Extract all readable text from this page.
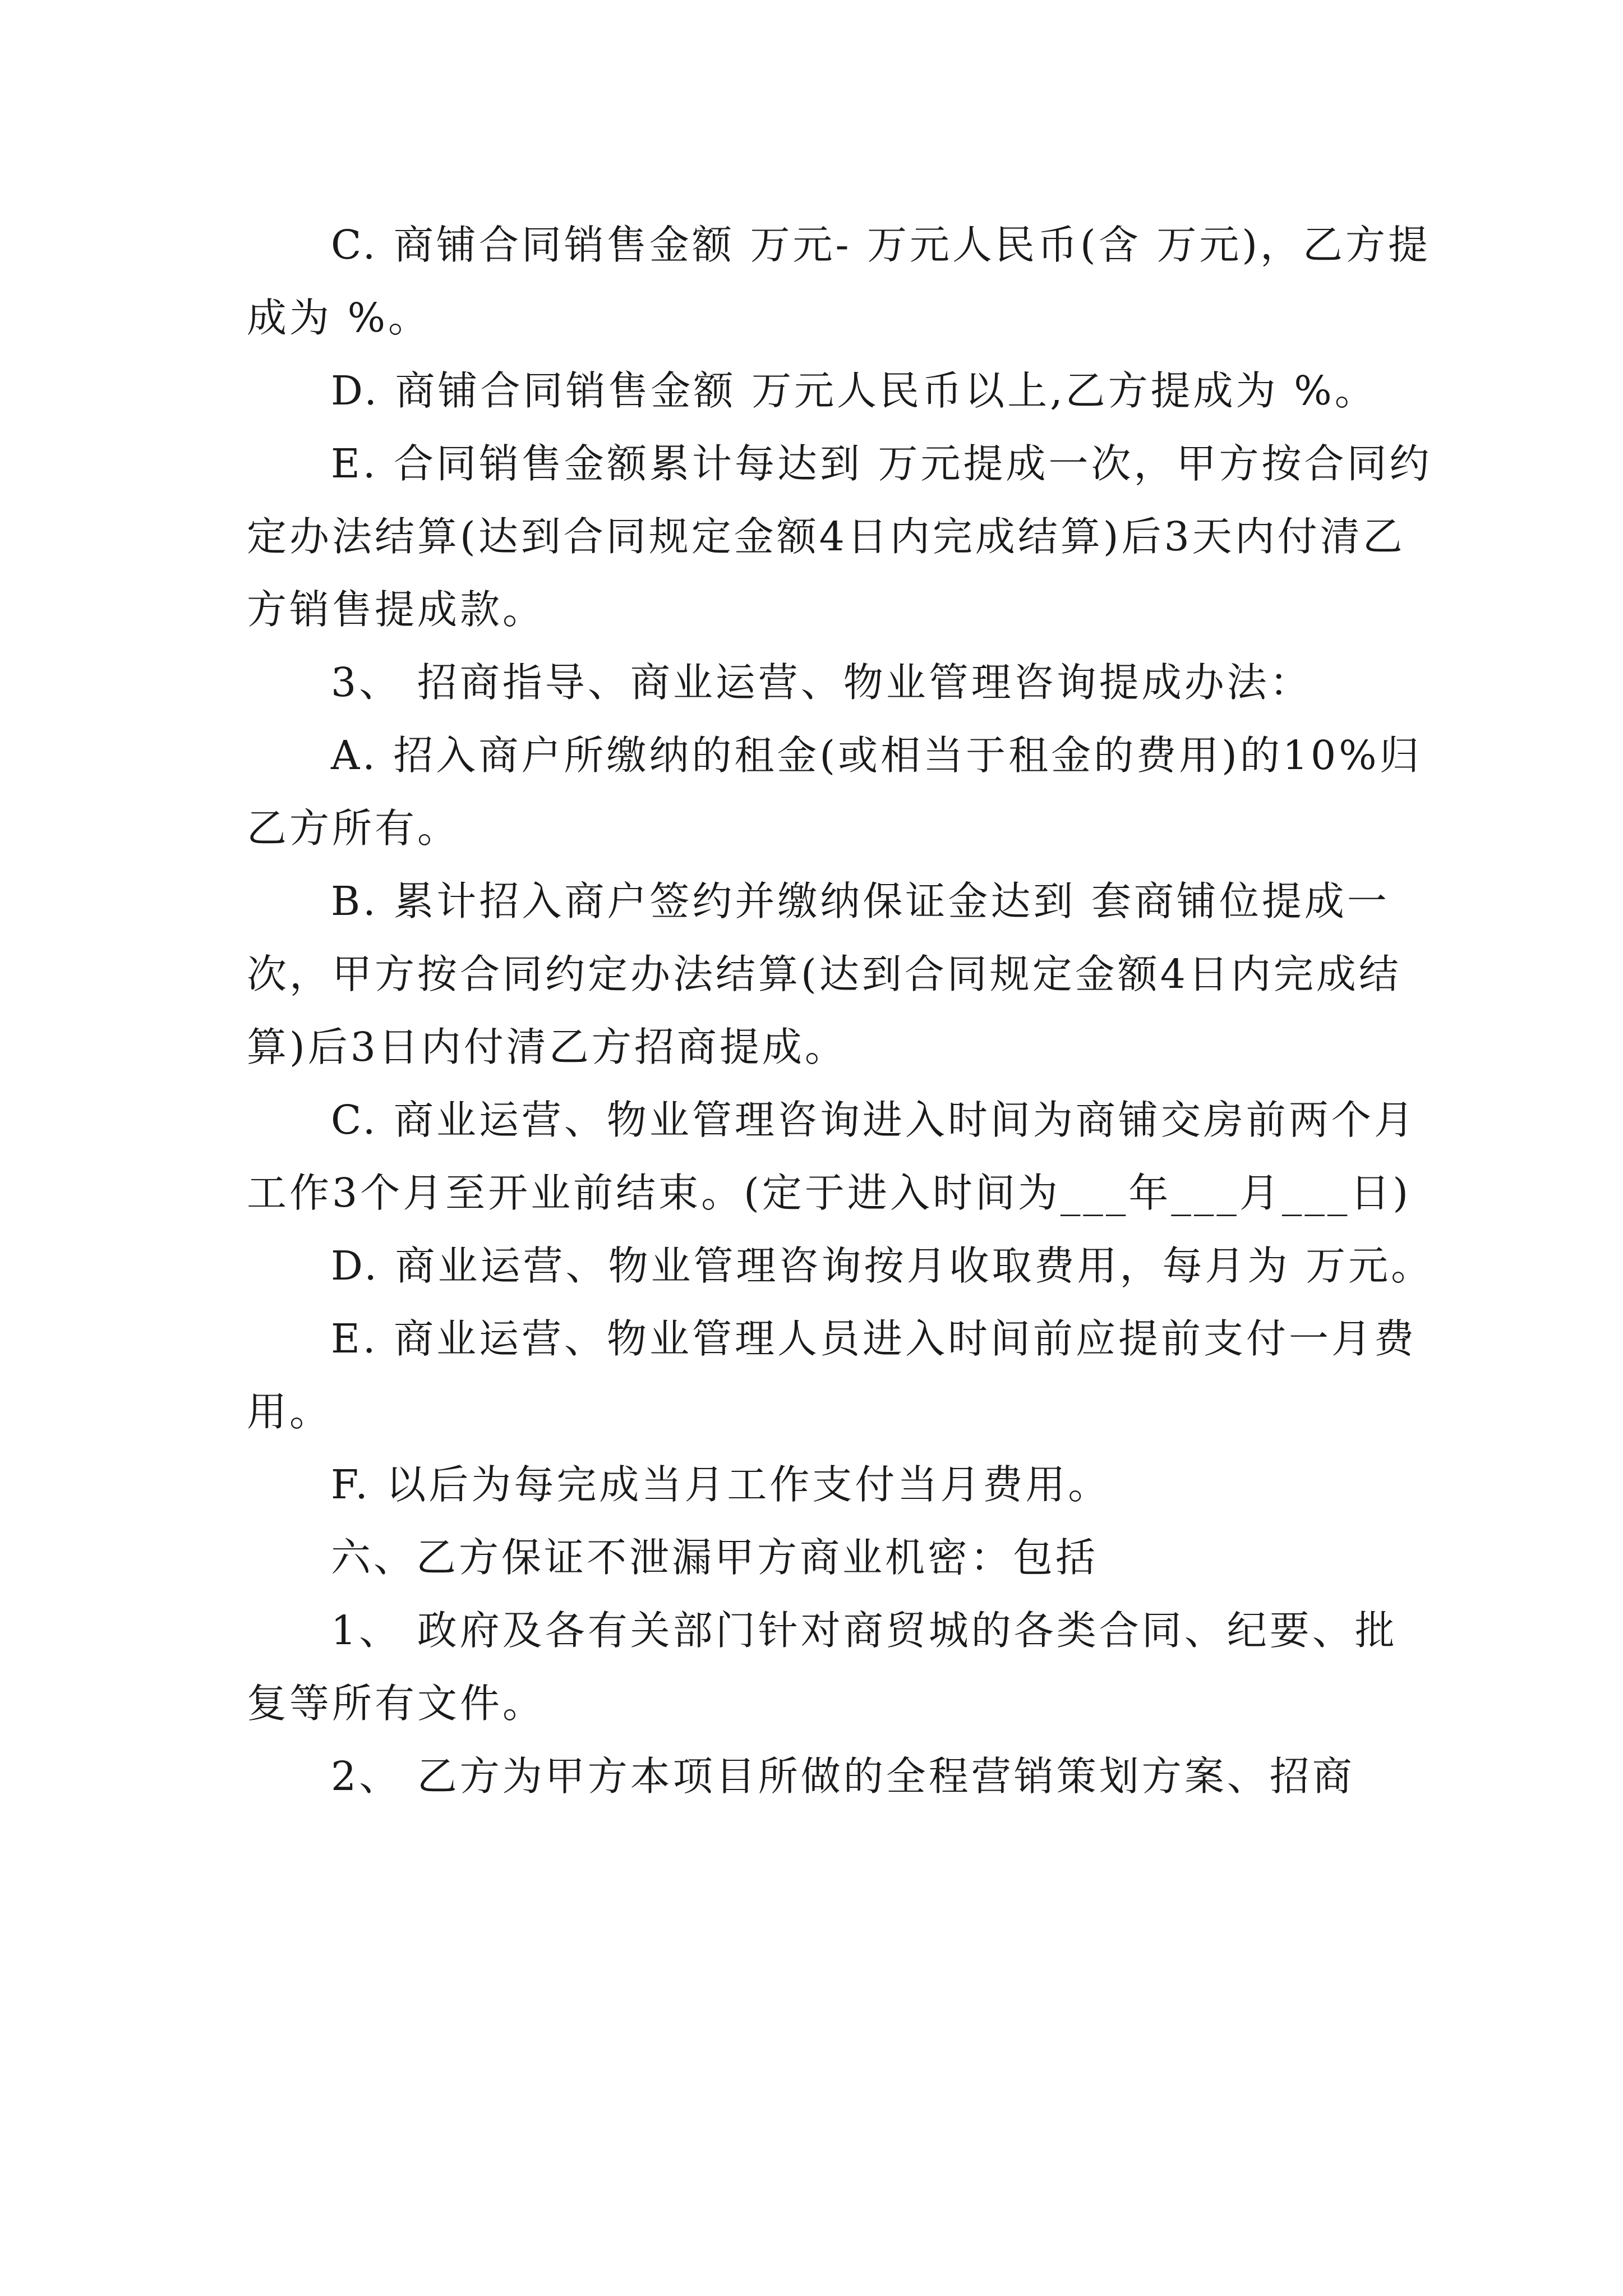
C. 商铺合同销售金额 万元- 万元人民币(含 万元)，乙方提成为 %。

D. 商铺合同销售金额 万元人民币以上,乙方提成为 %。

E. 合同销售金额累计每达到 万元提成一次，甲方按合同约定办法结算(达到合同规定金额4日内完成结算)后3天内付清乙方销售提成款。

3、 招商指导、商业运营、物业管理咨询提成办法：

A. 招入商户所缴纳的租金(或相当于租金的费用)的10%归乙方所有。

B. 累计招入商户签约并缴纳保证金达到 套商铺位提成一次，甲方按合同约定办法结算(达到合同规定金额4日内完成结算)后3日内付清乙方招商提成。

C. 商业运营、物业管理咨询进入时间为商铺交房前两个月工作3个月至开业前结束。(定于进入时间为___年___月___日)

D. 商业运营、物业管理咨询按月收取费用，每月为 万元。

E. 商业运营、物业管理人员进入时间前应提前支付一月费用。

F. 以后为每完成当月工作支付当月费用。

六、乙方保证不泄漏甲方商业机密：包括

1、 政府及各有关部门针对商贸城的各类合同、纪要、批复等所有文件。

2、 乙方为甲方本项目所做的全程营销策划方案、招商
